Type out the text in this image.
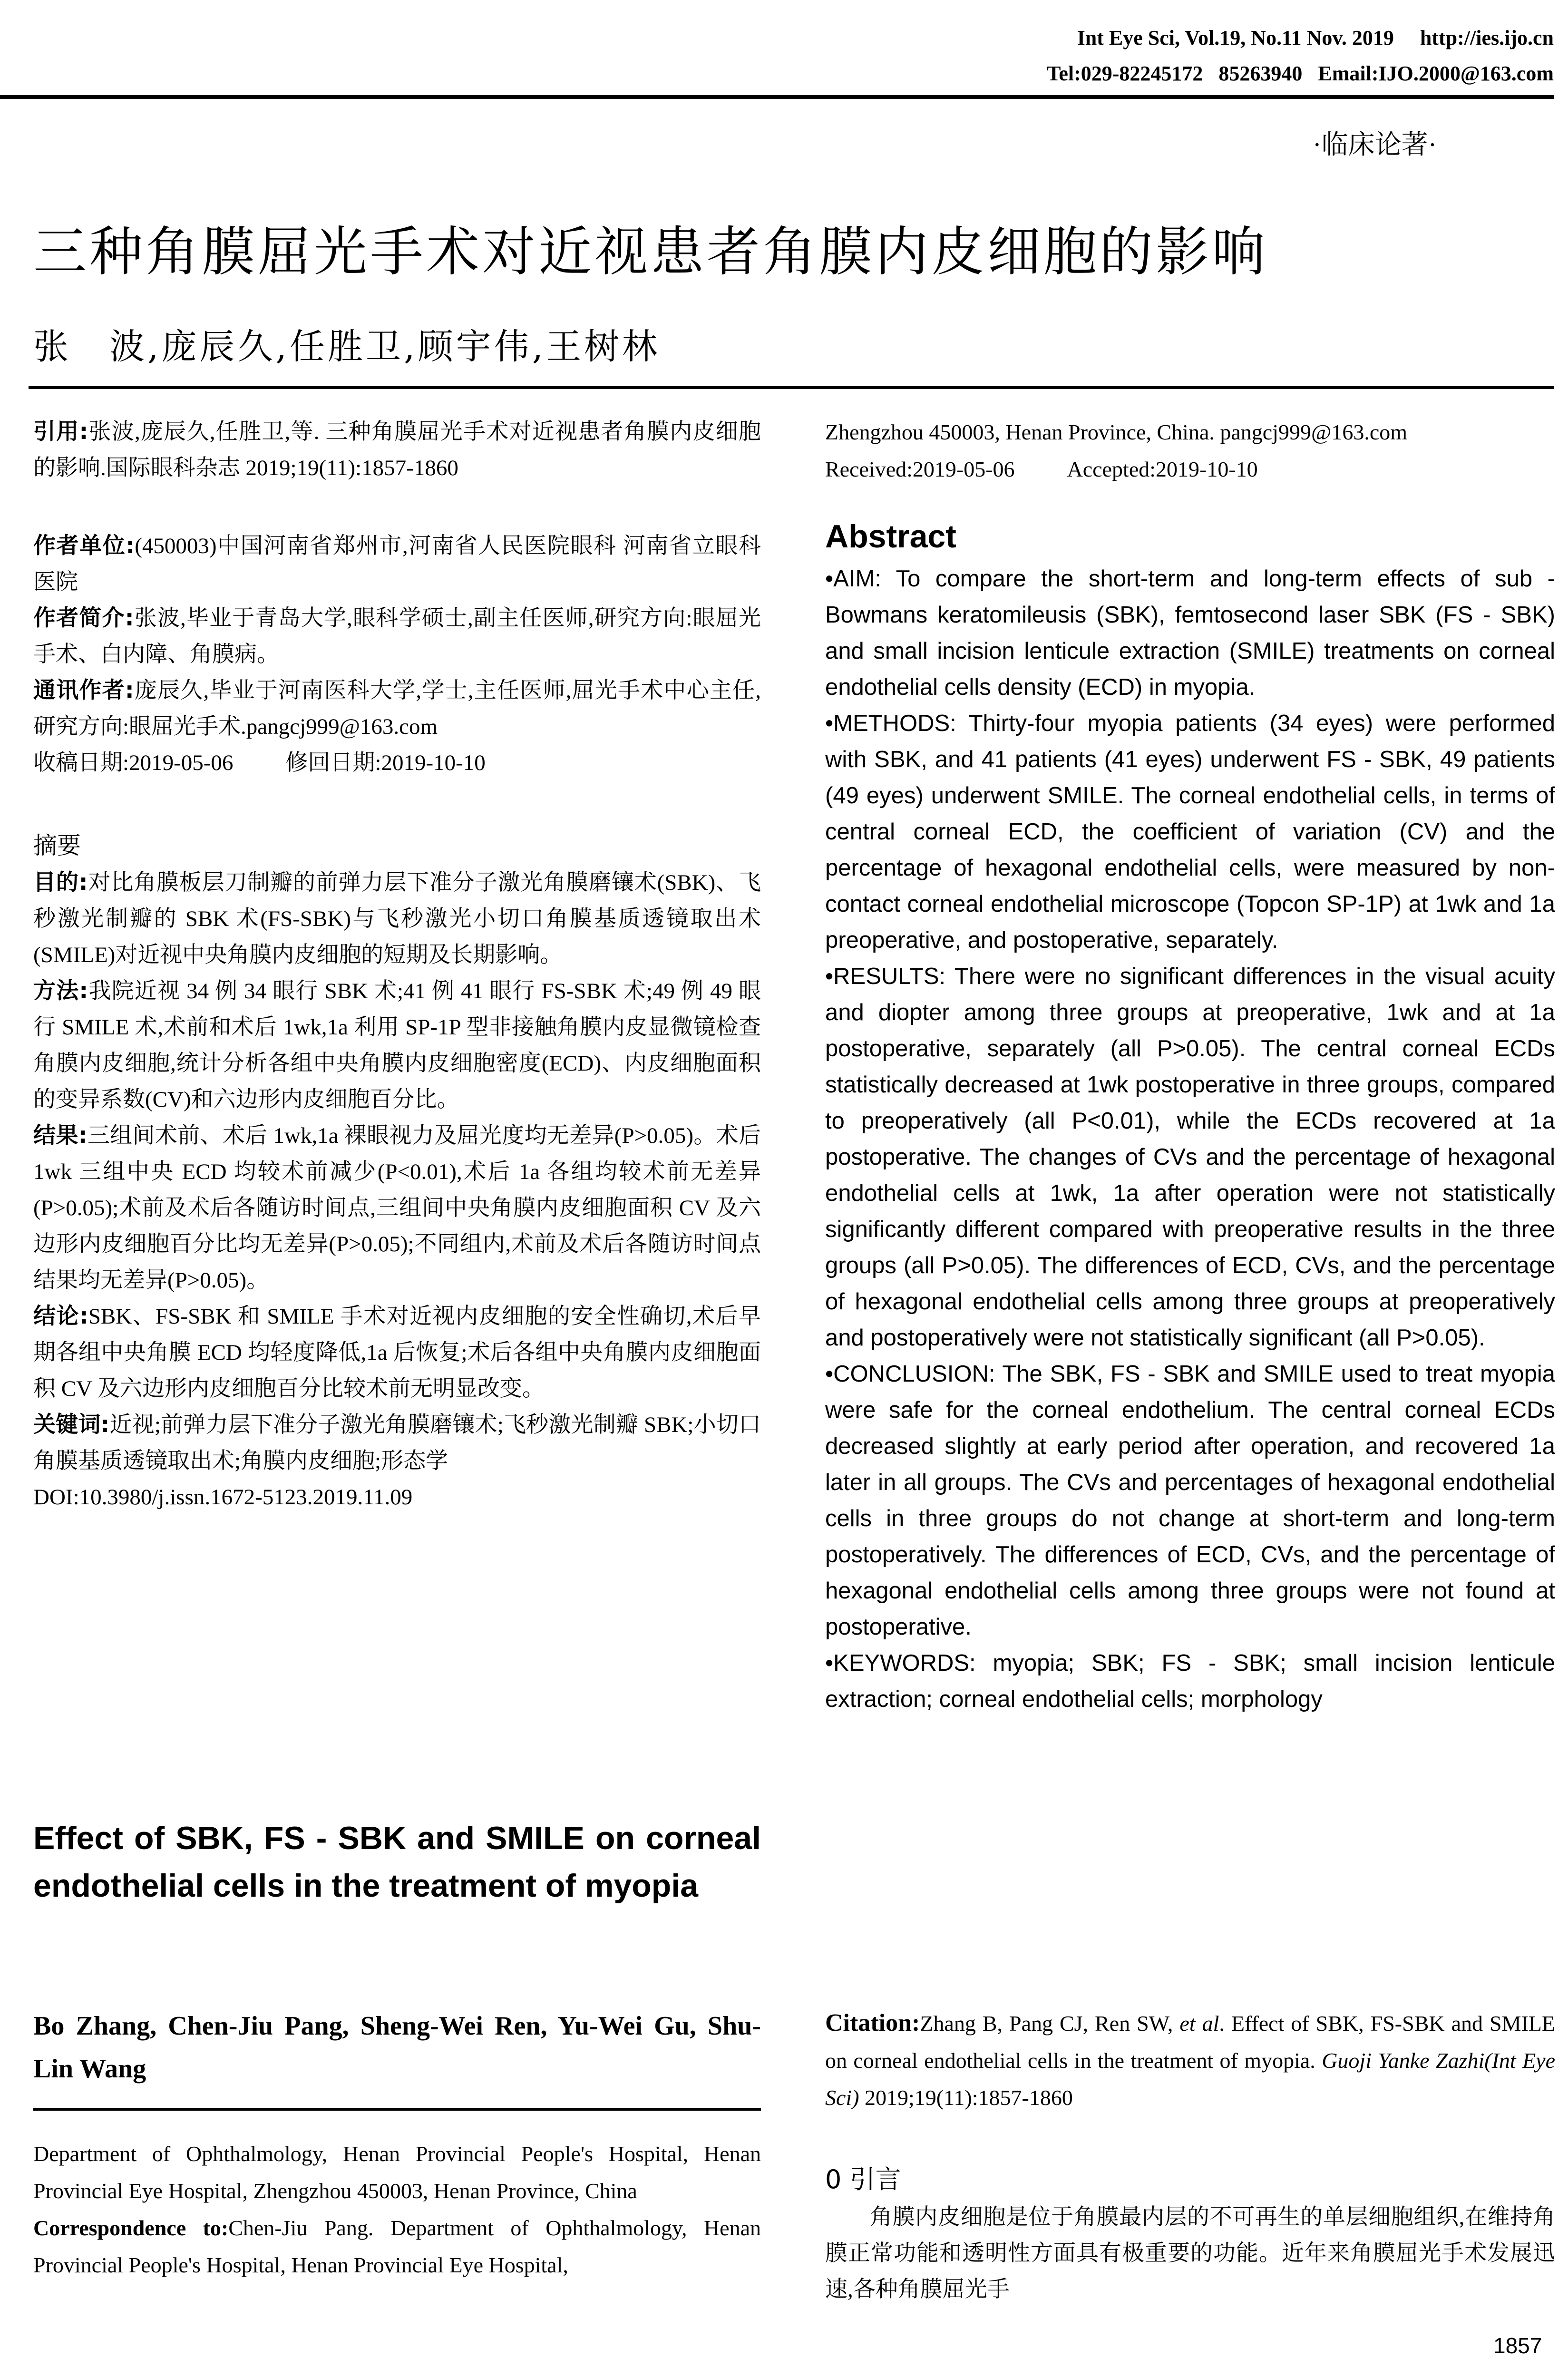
Int Eye Sci, Vol.19, No.11 Nov. 2019     http://ies.ijo.cn
Tel:029-82245172   85263940   Email:IJO.2000@163.com
·临床论著·
三种角膜屈光手术对近视患者角膜内皮细胞的影响
张　波,庞辰久,任胜卫,顾宇伟,王树林

引用:张波,庞辰久,任胜卫,等. 三种角膜屈光手术对近视患者角膜内皮细胞的影响.国际眼科杂志 2019;19(11):1857-1860

作者单位:(450003)中国河南省郑州市,河南省人民医院眼科 河南省立眼科医院

作者简介:张波,毕业于青岛大学,眼科学硕士,副主任医师,研究方向:眼屈光手术、白内障、角膜病。

通讯作者:庞辰久,毕业于河南医科大学,学士,主任医师,屈光手术中心主任,研究方向:眼屈光手术.pangcj999@163.com

收稿日期:2019-05-06 修回日期:2019-10-10

摘要

目的:对比角膜板层刀制瓣的前弹力层下准分子激光角膜磨镶术(SBK)、飞秒激光制瓣的 SBK 术(FS-SBK)与飞秒激光小切口角膜基质透镜取出术(SMILE)对近视中央角膜内皮细胞的短期及长期影响。

方法:我院近视 34 例 34 眼行 SBK 术;41 例 41 眼行 FS-SBK 术;49 例 49 眼行 SMILE 术,术前和术后 1wk,1a 利用 SP-1P 型非接触角膜内皮显微镜检查角膜内皮细胞,统计分析各组中央角膜内皮细胞密度(ECD)、内皮细胞面积的变异系数(CV)和六边形内皮细胞百分比。

结果:三组间术前、术后 1wk,1a 裸眼视力及屈光度均无差异(P>0.05)。术后 1wk 三组中央 ECD 均较术前减少(P<0.01),术后 1a 各组均较术前无差异(P>0.05);术前及术后各随访时间点,三组间中央角膜内皮细胞面积 CV 及六边形内皮细胞百分比均无差异(P>0.05);不同组内,术前及术后各随访时间点结果均无差异(P>0.05)。

结论:SBK、FS-SBK 和 SMILE 手术对近视内皮细胞的安全性确切,术后早期各组中央角膜 ECD 均轻度降低,1a 后恢复;术后各组中央角膜内皮细胞面积 CV 及六边形内皮细胞百分比较术前无明显改变。

关键词:近视;前弹力层下准分子激光角膜磨镶术;飞秒激光制瓣 SBK;小切口角膜基质透镜取出术;角膜内皮细胞;形态学

DOI:10.3980/j.issn.1672-5123.2019.11.09

Effect of SBK, FS - SBK and SMILE on corneal endothelial cells in the treatment of myopia

Bo Zhang, Chen-Jiu Pang, Sheng-Wei Ren, Yu-Wei Gu, Shu-Lin Wang

Department of Ophthalmology, Henan Provincial People's Hospital, Henan Provincial Eye Hospital, Zhengzhou 450003, Henan Province, China

Correspondence to:Chen-Jiu Pang. Department of Ophthalmology, Henan Provincial People's Hospital, Henan Provincial Eye Hospital,

Zhengzhou 450003, Henan Province, China. pangcj999@163.com

Received:2019-05-06 Accepted:2019-10-10

Abstract

•AIM: To compare the short-term and long-term effects of sub - Bowmans keratomileusis (SBK), femtosecond laser SBK (FS - SBK) and small incision lenticule extraction (SMILE) treatments on corneal endothelial cells density (ECD) in myopia.

•METHODS: Thirty-four myopia patients (34 eyes) were performed with SBK, and 41 patients (41 eyes) underwent FS - SBK, 49 patients (49 eyes) underwent SMILE. The corneal endothelial cells, in terms of central corneal ECD, the coefficient of variation (CV) and the percentage of hexagonal endothelial cells, were measured by non-contact corneal endothelial microscope (Topcon SP-1P) at 1wk and 1a preoperative, and postoperative, separately.

•RESULTS: There were no significant differences in the visual acuity and diopter among three groups at preoperative, 1wk and at 1a postoperative, separately (all P>0.05). The central corneal ECDs statistically decreased at 1wk postoperative in three groups, compared to preoperatively (all P<0.01), while the ECDs recovered at 1a postoperative. The changes of CVs and the percentage of hexagonal endothelial cells at 1wk, 1a after operation were not statistically significantly different compared with preoperative results in the three groups (all P>0.05). The differences of ECD, CVs, and the percentage of hexagonal endothelial cells among three groups at preoperatively and postoperatively were not statistically significant (all P>0.05).

•CONCLUSION: The SBK, FS - SBK and SMILE used to treat myopia were safe for the corneal endothelium. The central corneal ECDs decreased slightly at early period after operation, and recovered 1a later in all groups. The CVs and percentages of hexagonal endothelial cells in three groups do not change at short-term and long-term postoperatively. The differences of ECD, CVs, and the percentage of hexagonal endothelial cells among three groups were not found at postoperative.

•KEYWORDS: myopia; SBK; FS - SBK; small incision lenticule extraction; corneal endothelial cells; morphology

Citation:Zhang B, Pang CJ, Ren SW, et al. Effect of SBK, FS-SBK and SMILE on corneal endothelial cells in the treatment of myopia. Guoji Yanke Zazhi(Int Eye Sci) 2019;19(11):1857-1860

0 引言

角膜内皮细胞是位于角膜最内层的不可再生的单层细胞组织,在维持角膜正常功能和透明性方面具有极重要的功能。近年来角膜屈光手术发展迅速,各种角膜屈光手

1857
